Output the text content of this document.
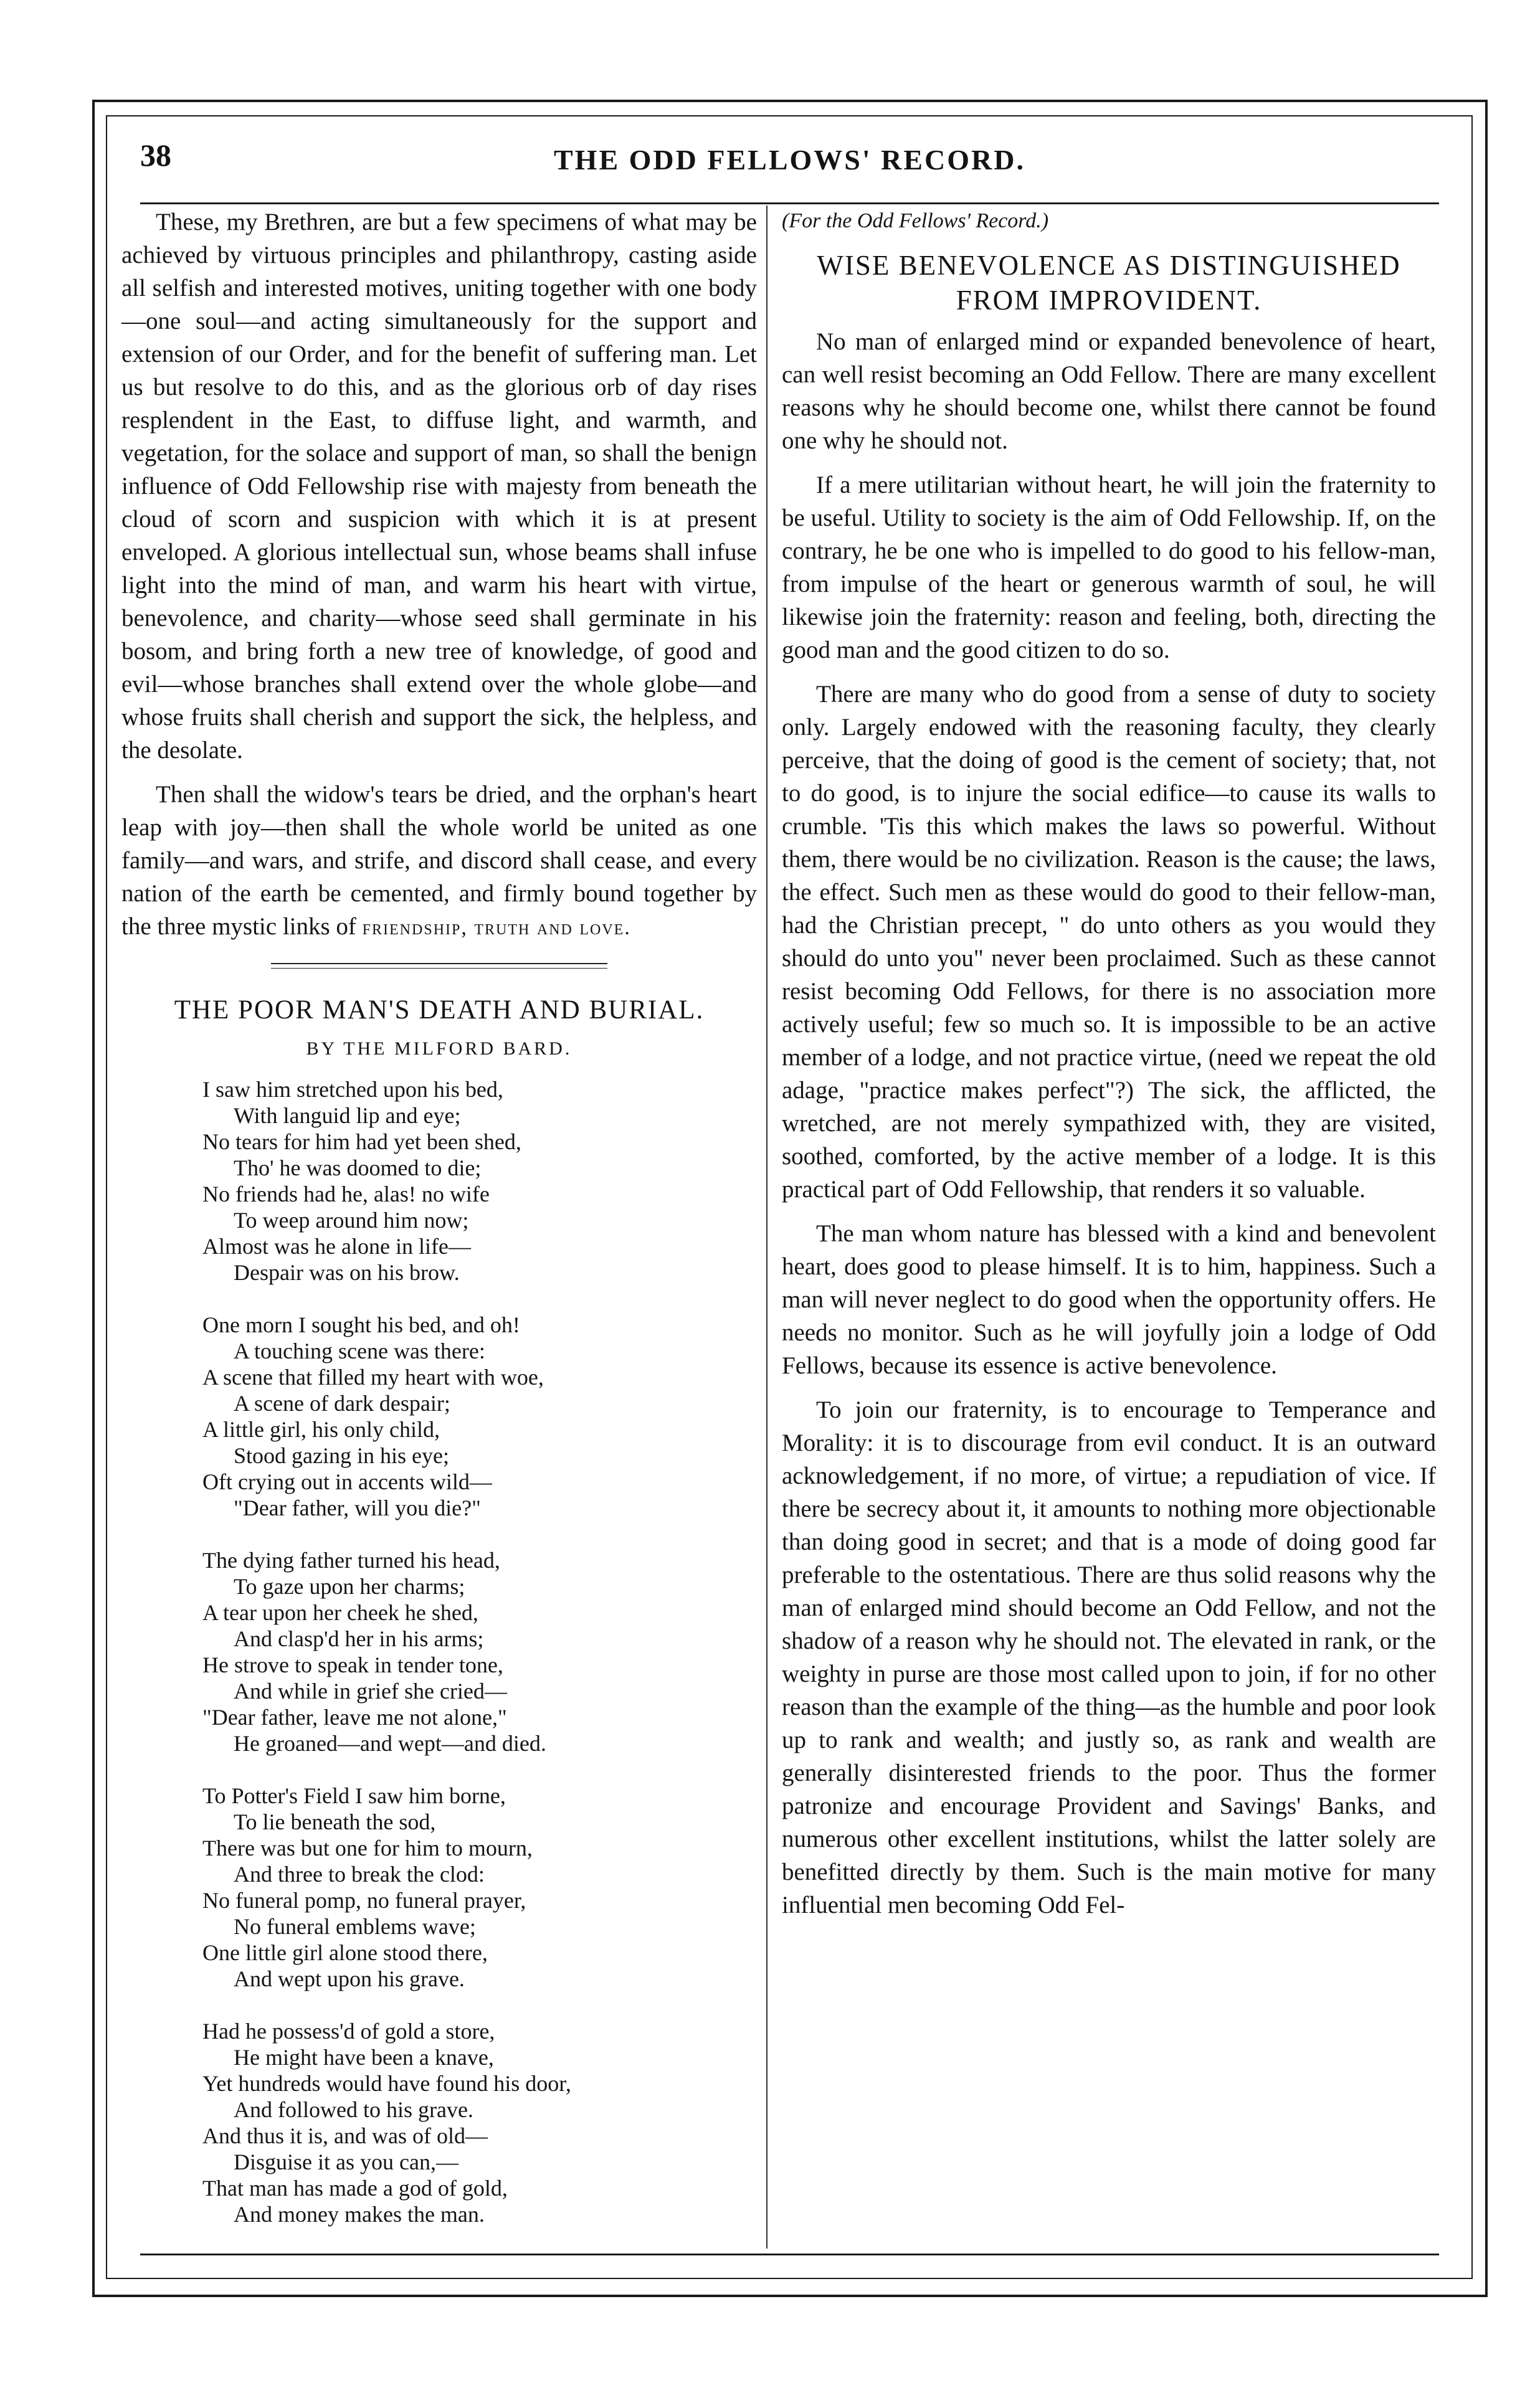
38	THE ODD FELLOWS' RECORD.

These, my Brethren, are but a few specimens of what may be achieved by virtuous principles and philanthropy, casting aside all selfish and interested motives, uniting together with one body—one soul—and acting simultaneously for the support and extension of our Order, and for the benefit of suffering man. Let us but resolve to do this, and as the glorious orb of day rises resplendent in the East, to diffuse light, and warmth, and vegetation, for the solace and support of man, so shall the benign influence of Odd Fellowship rise with majesty from beneath the cloud of scorn and suspicion with which it is at present enveloped. A glorious intellectual sun, whose beams shall infuse light into the mind of man, and warm his heart with virtue, benevolence, and charity—whose seed shall germinate in his bosom, and bring forth a new tree of knowledge, of good and evil—whose branches shall extend over the whole globe—and whose fruits shall cherish and support the sick, the helpless, and the desolate.

Then shall the widow's tears be dried, and the orphan's heart leap with joy—then shall the whole world be united as one family—and wars, and strife, and discord shall cease, and every nation of the earth be cemented, and firmly bound together by the three mystic links of friendship, truth and love.

THE POOR MAN'S DEATH AND BURIAL.
BY THE MILFORD BARD.
I saw him stretched upon his bed,
With languid lip and eye;
No tears for him had yet been shed,
Tho' he was doomed to die;
No friends had he, alas! no wife
To weep around him now;
Almost was he alone in life—
Despair was on his brow.
One morn I sought his bed, and oh!
A touching scene was there:
A scene that filled my heart with woe,
A scene of dark despair;
A little girl, his only child,
Stood gazing in his eye;
Oft crying out in accents wild—
"Dear father, will you die?"
The dying father turned his head,
To gaze upon her charms;
A tear upon her cheek he shed,
And clasp'd her in his arms;
He strove to speak in tender tone,
And while in grief she cried—
"Dear father, leave me not alone,"
He groaned—and wept—and died.
To Potter's Field I saw him borne,
To lie beneath the sod,
There was but one for him to mourn,
And three to break the clod:
No funeral pomp, no funeral prayer,
No funeral emblems wave;
One little girl alone stood there,
And wept upon his grave.
Had he possess'd of gold a store,
He might have been a knave,
Yet hundreds would have found his door,
And followed to his grave.
And thus it is, and was of old—
Disguise it as you can,—
That man has made a god of gold,
And money makes the man.

(For the Odd Fellows' Record.)

WISE BENEVOLENCE AS DISTINGUISHED FROM IMPROVIDENT.

No man of enlarged mind or expanded benevolence of heart, can well resist becoming an Odd Fellow. There are many excellent reasons why he should become one, whilst there cannot be found one why he should not.

If a mere utilitarian without heart, he will join the fraternity to be useful. Utility to society is the aim of Odd Fellowship. If, on the contrary, he be one who is impelled to do good to his fellow-man, from impulse of the heart or generous warmth of soul, he will likewise join the fraternity: reason and feeling, both, directing the good man and the good citizen to do so.

There are many who do good from a sense of duty to society only. Largely endowed with the reasoning faculty, they clearly perceive, that the doing of good is the cement of society; that, not to do good, is to injure the social edifice—to cause its walls to crumble. 'Tis this which makes the laws so powerful. Without them, there would be no civilization. Reason is the cause; the laws, the effect. Such men as these would do good to their fellow-man, had the Christian precept, " do unto others as you would they should do unto you" never been proclaimed. Such as these cannot resist becoming Odd Fellows, for there is no association more actively useful; few so much so. It is impossible to be an active member of a lodge, and not practice virtue, (need we repeat the old adage, "practice makes perfect"?) The sick, the afflicted, the wretched, are not merely sympathized with, they are visited, soothed, comforted, by the active member of a lodge. It is this practical part of Odd Fellowship, that renders it so valuable.

The man whom nature has blessed with a kind and benevolent heart, does good to please himself. It is to him, happiness. Such a man will never neglect to do good when the opportunity offers. He needs no monitor. Such as he will joyfully join a lodge of Odd Fellows, because its essence is active benevolence.

To join our fraternity, is to encourage to Temperance and Morality: it is to discourage from evil conduct. It is an outward acknowledgement, if no more, of virtue; a repudiation of vice. If there be secrecy about it, it amounts to nothing more objectionable than doing good in secret; and that is a mode of doing good far preferable to the ostentatious. There are thus solid reasons why the man of enlarged mind should become an Odd Fellow, and not the shadow of a reason why he should not. The elevated in rank, or the weighty in purse are those most called upon to join, if for no other reason than the example of the thing—as the humble and poor look up to rank and wealth; and justly so, as rank and wealth are generally disinterested friends to the poor. Thus the former patronize and encourage Provident and Savings' Banks, and numerous other excellent institutions, whilst the latter solely are benefitted directly by them. Such is the main motive for many influential men becoming Odd Fel-
